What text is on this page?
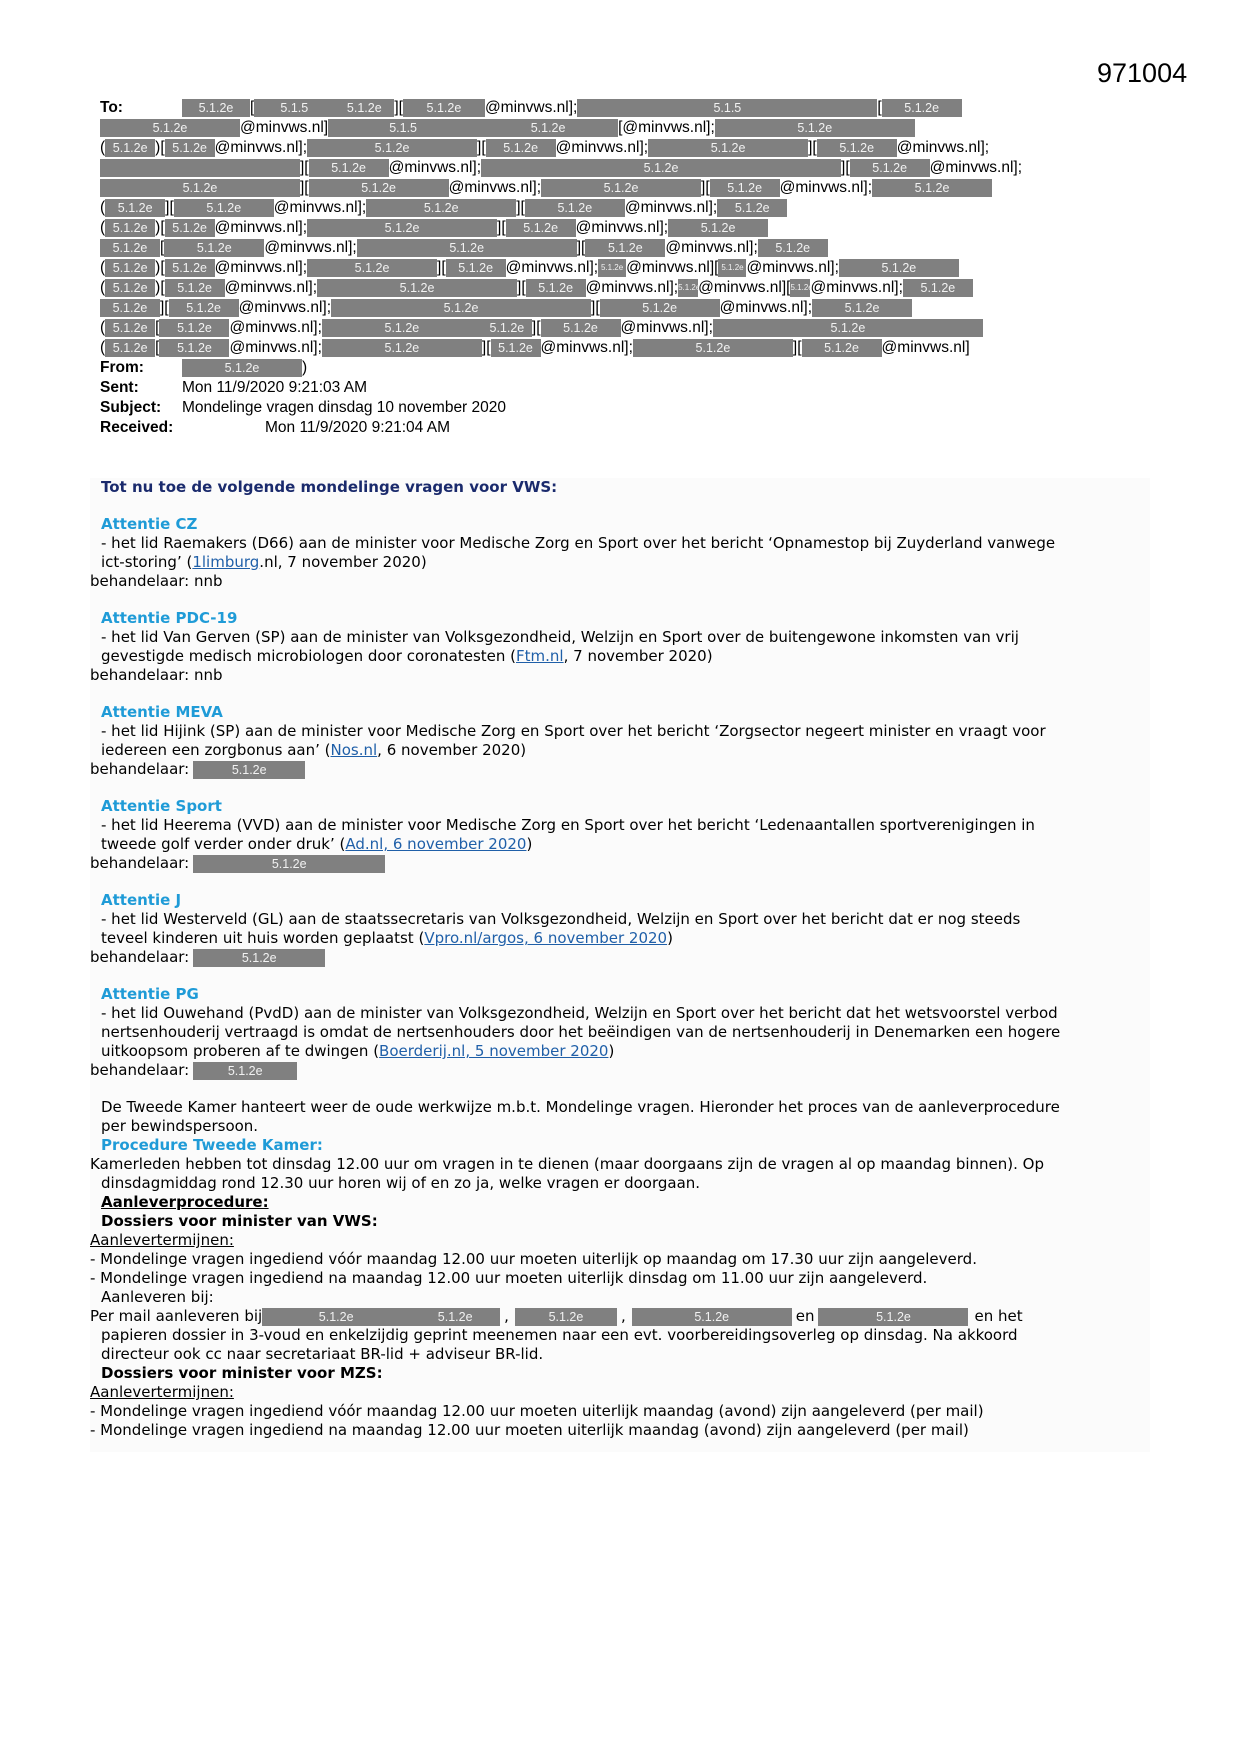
971004
To:	5.1.2e	[	5.1.5	5.1.2e ][	5.1.2e	@minvws.nl] ;	5.1.5	[	5.1.2e
5.1.2e	@minvws.nl]	5.1.5	5.1.2e	[ @minvws.nl] ;	5.1.2e
( 5.1.2e )[ 5.1.2e @minvws.nl] ;	5.1.2e	][	5.1.2e	@minvws.nl] ;	5.1.2e	][	5.1.2e	@minvws.nl] ;
][	5.1.2e	@minvws.nl] ;	5.1.2e	][	5.1.2e	@minvws.nl] ;
5.1.2e	][	5.1.2e	@minvws.nl] ;	5.1.2e	][	5.1.2e	@minvws.nl] ;	5.1.2e
(	5.1.2e ][	5.1.2e	@minvws.nl] ;	5.1.2e	][	5.1.2e	@minvws.nl] ;	5.1.2e
( 5.1.2e )[ 5.1.2e @minvws.nl] ;	5.1.2e	][	5.1.2e	@minvws.nl] ;	5.1.2e
5.1.2e [	5.1.2e	@minvws.nl] ;	5.1.2e	][	5.1.2e	@minvws.nl] ;	5.1.2e
( 5.1.2e )[ 5.1.2e @minvws.nl] ;	5.1.2e	][	5.1.2e @minvws.nl] ; 5.1.2e @minvws.nl] [ 5.1.2e @minvws.nl] ;	5.1.2e
( 5.1.2e )[	5.1.2e @minvws.nl] ;	5.1.2e	][	5.1.2e @minvws.nl] ; 5.1.2e
@minvws.nl] [ 5.1.2e
@minvws.nl] ;	5.1.2e
5.1.2e ][	5.1.2e	@minvws.nl] ;	5.1.2e	][	5.1.2e	@minvws.nl] ;	5.1.2e
( 5.1.2e [	5.1.2e	@minvws.nl] ;	5.1.2e	5.1.2e ][	5.1.2e	@minvws.nl] ;	5.1.2e
( 5.1.2e [	5.1.2e	@minvws.nl] ;	5.1.2e	][ 5.1.2e @minvws.nl] ;	5.1.2e	][	5.1.2e	@minvws.nl]
From:	5.1.2e	)
Sent:	Mon 11/9/2020 9:21:03 AM
Subject:	Mondelinge vragen dinsdag 10 november 2020
Received:	Mon 11/9/2020 9:21:04 AM

Tot nu toe de volgende mondelinge vragen voor VWS:

Attentie CZ

- het lid Raemakers (D66) aan de minister voor Medische Zorg en Sport over het bericht ‘Opnamestop bij Zuyderland vanwege

ict-storing’ (1limburg.nl, 7 november 2020)

behandelaar: nnb

Attentie PDC-19

- het lid Van Gerven (SP) aan de minister van Volksgezondheid, Welzijn en Sport over de buitengewone inkomsten van vrij

gevestigde medisch microbiologen door coronatesten (Ftm.nl, 7 november 2020)

behandelaar: nnb

Attentie MEVA

- het lid Hijink (SP) aan de minister voor Medische Zorg en Sport over het bericht ‘Zorgsector negeert minister en vraagt voor

iedereen een zorgbonus aan’ (Nos.nl, 6 november 2020)

behandelaar:	5.1.2e

Attentie Sport

- het lid Heerema (VVD) aan de minister voor Medische Zorg en Sport over het bericht ‘Ledenaantallen sportverenigingen in

tweede golf verder onder druk’ (Ad.nl, 6 november 2020)

behandelaar:	5.1.2e

Attentie J

- het lid Westerveld (GL) aan de staatssecretaris van Volksgezondheid, Welzijn en Sport over het bericht dat er nog steeds

teveel kinderen uit huis worden geplaatst (Vpro.nl/argos, 6 november 2020)

behandelaar:	5.1.2e

Attentie PG

- het lid Ouwehand (PvdD) aan de minister van Volksgezondheid, Welzijn en Sport over het bericht dat het wetsvoorstel verbod

nertsenhouderij vertraagd is omdat de nertsenhouders door het beëindigen van de nertsenhouderij in Denemarken een hogere

uitkoopsom proberen af te dwingen (Boerderij.nl, 5 november 2020)

behandelaar:	5.1.2e

De Tweede Kamer hanteert weer de oude werkwijze m.b.t. Mondelinge vragen. Hieronder het proces van de aanleverprocedure
per bewindspersoon.

Procedure Tweede Kamer:

Kamerleden hebben tot dinsdag 12.00 uur om vragen in te dienen (maar doorgaans zijn de vragen al op maandag binnen). Op
dinsdagmiddag rond 12.30 uur horen wij of en zo ja, welke vragen er doorgaan.

Aanleverprocedure:

Dossiers voor minister van VWS:

Aanlevertermijnen:

- Mondelinge vragen ingediend vóór maandag 12.00 uur moeten uiterlijk op maandag om 17.30 uur zijn aangeleverd.

- Mondelinge vragen ingediend na maandag 12.00 uur moeten uiterlijk dinsdag om 11.00 uur zijn aangeleverd.

Aanleveren bij:

Per mail aanleveren bij	5.1.2e	5.1.2e ,	5.1.2e	,	5.1.2e	en	5.1.2e	en het

papieren dossier in 3-voud en enkelzijdig geprint meenemen naar een evt. voorbereidingsoverleg op dinsdag. Na akkoord

directeur ook cc naar secretariaat BR-lid + adviseur BR-lid.

Dossiers voor minister voor MZS:

Aanlevertermijnen:

- Mondelinge vragen ingediend vóór maandag 12.00 uur moeten uiterlijk maandag (avond) zijn aangeleverd (per mail)

- Mondelinge vragen ingediend na maandag 12.00 uur moeten uiterlijk maandag (avond) zijn aangeleverd (per mail)
